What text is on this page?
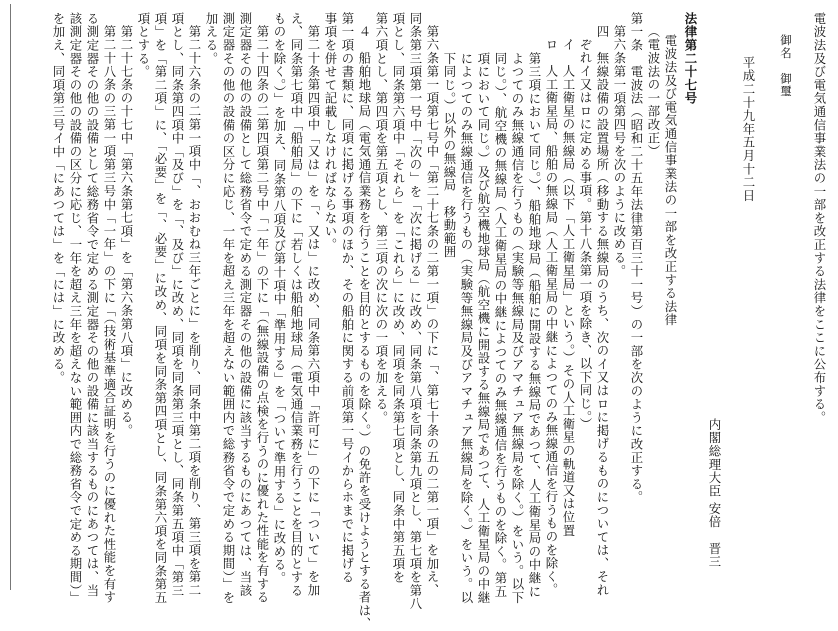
電波法及び電気通信事業法の一部を改正する法律をここに公布する。
御名　御璽
平成二十九年五月十二日
内閣総理大臣
安倍　晋三
法律第二十七号
電波法及び電気通信事業法の一部を改正する法律
（電波法の一部改正）
第一条　電波法（昭和二十五年法律第百三十一号）の一部を次のように改正する。
第六条第一項第四号を次のように改める。
四　無線設備の設置場所（移動する無線局のうち、次のイ又はロに掲げるものについては、それ
ぞれイ又はロに定める事項。第十八条第一項を除き、以下同じ。）
イ　人工衛星の無線局（以下「人工衛星局」という。）その人工衛星の軌道又は位置
ロ　人工衛星局、船舶の無線局（人工衛星局の中継によつてのみ無線通信を行うものを除く。
第三項において同じ。）、船舶地球局（船舶に開設する無線局であつて、人工衛星局の中継に
よつてのみ無線通信を行うもの（実験等無線局及びアマチュア無線局を除く。）をいう。以下
同じ。）、航空機の無線局（人工衛星局の中継によつてのみ無線通信を行うものを除く。第五
項において同じ。）及び航空機地球局（航空機に開設する無線局であつて、人工衛星局の中継
によつてのみ無線通信を行うもの（実験等無線局及びアマチュア無線局を除く。）をいう。以
下同じ。）以外の無線局　移動範囲
第六条第一項第七号中「第二十七条の二第一項」の下に「、第七十条の五の二第一項」を加え、
同条第三項第一号中「次の」を「次に掲げる」に改め、同条第八項を同条第九項とし、第七項を第八
項とし、同条第六項中「それら」を「これら」に改め、同項を同条第七項とし、同条中第五項を
第六項とし、第四項を第五項とし、第三項の次に次の一項を加える。
４　船舶地球局（電気通信業務を行うことを目的とするものを除く。）の免許を受けようとする者は、
第一項の書類に、同項に掲げる事項のほか、その船舶に関する前項第一号イからホまでに掲げる
事項を併せて記載しなければならない。
第二十条第四項中「又は」を「、又は」に改め、同条第六項中「許可に」の下に「ついて」を加
え、同条第七項中「船舶局」の下に「若しくは船舶地球局（電気通信業務を行うことを目的とする
ものを除く。）」を加え、同条第八項及び第十項中「準用する」を「ついて準用する」に改める。
第二十四条の二第四項第二号中「一年」の下に「（無線設備の点検を行うのに優れた性能を有する
測定器その他の設備として総務省令で定める測定器その他の設備に該当するものにあつては、当該
測定器その他の設備の区分に応じ、一年を超え三年を超えない範囲内で総務省令で定める期間）」を
加える。
第二十六条の二第一項中「、おおむね三年ごとに」を削り、同条中第二項を削り、第三項を第二
項とし、同条第四項中「及び」を「、及び」に改め、同項を同条第三項とし、同条第五項中「第三
項」を「第二項」に、「必要」を「、必要」に改め、同項を同条第四項とし、同条第六項を同条第五
項とする。
第二十七条の十七中「第六条第七項」を「第六条第八項」に改める。
第二十八条の三第一項第三号中「一年」の下に「（技術基準適合証明を行うのに優れた性能を有す
る測定器その他の設備として総務省令で定める測定器その他の設備に該当するものにあつては、当
該測定器その他の設備の区分に応じ、一年を超え三年を超えない範囲内で総務省令で定める期間）」
を加え、同項第三号イ中「にあつては」を「には」に改める。
